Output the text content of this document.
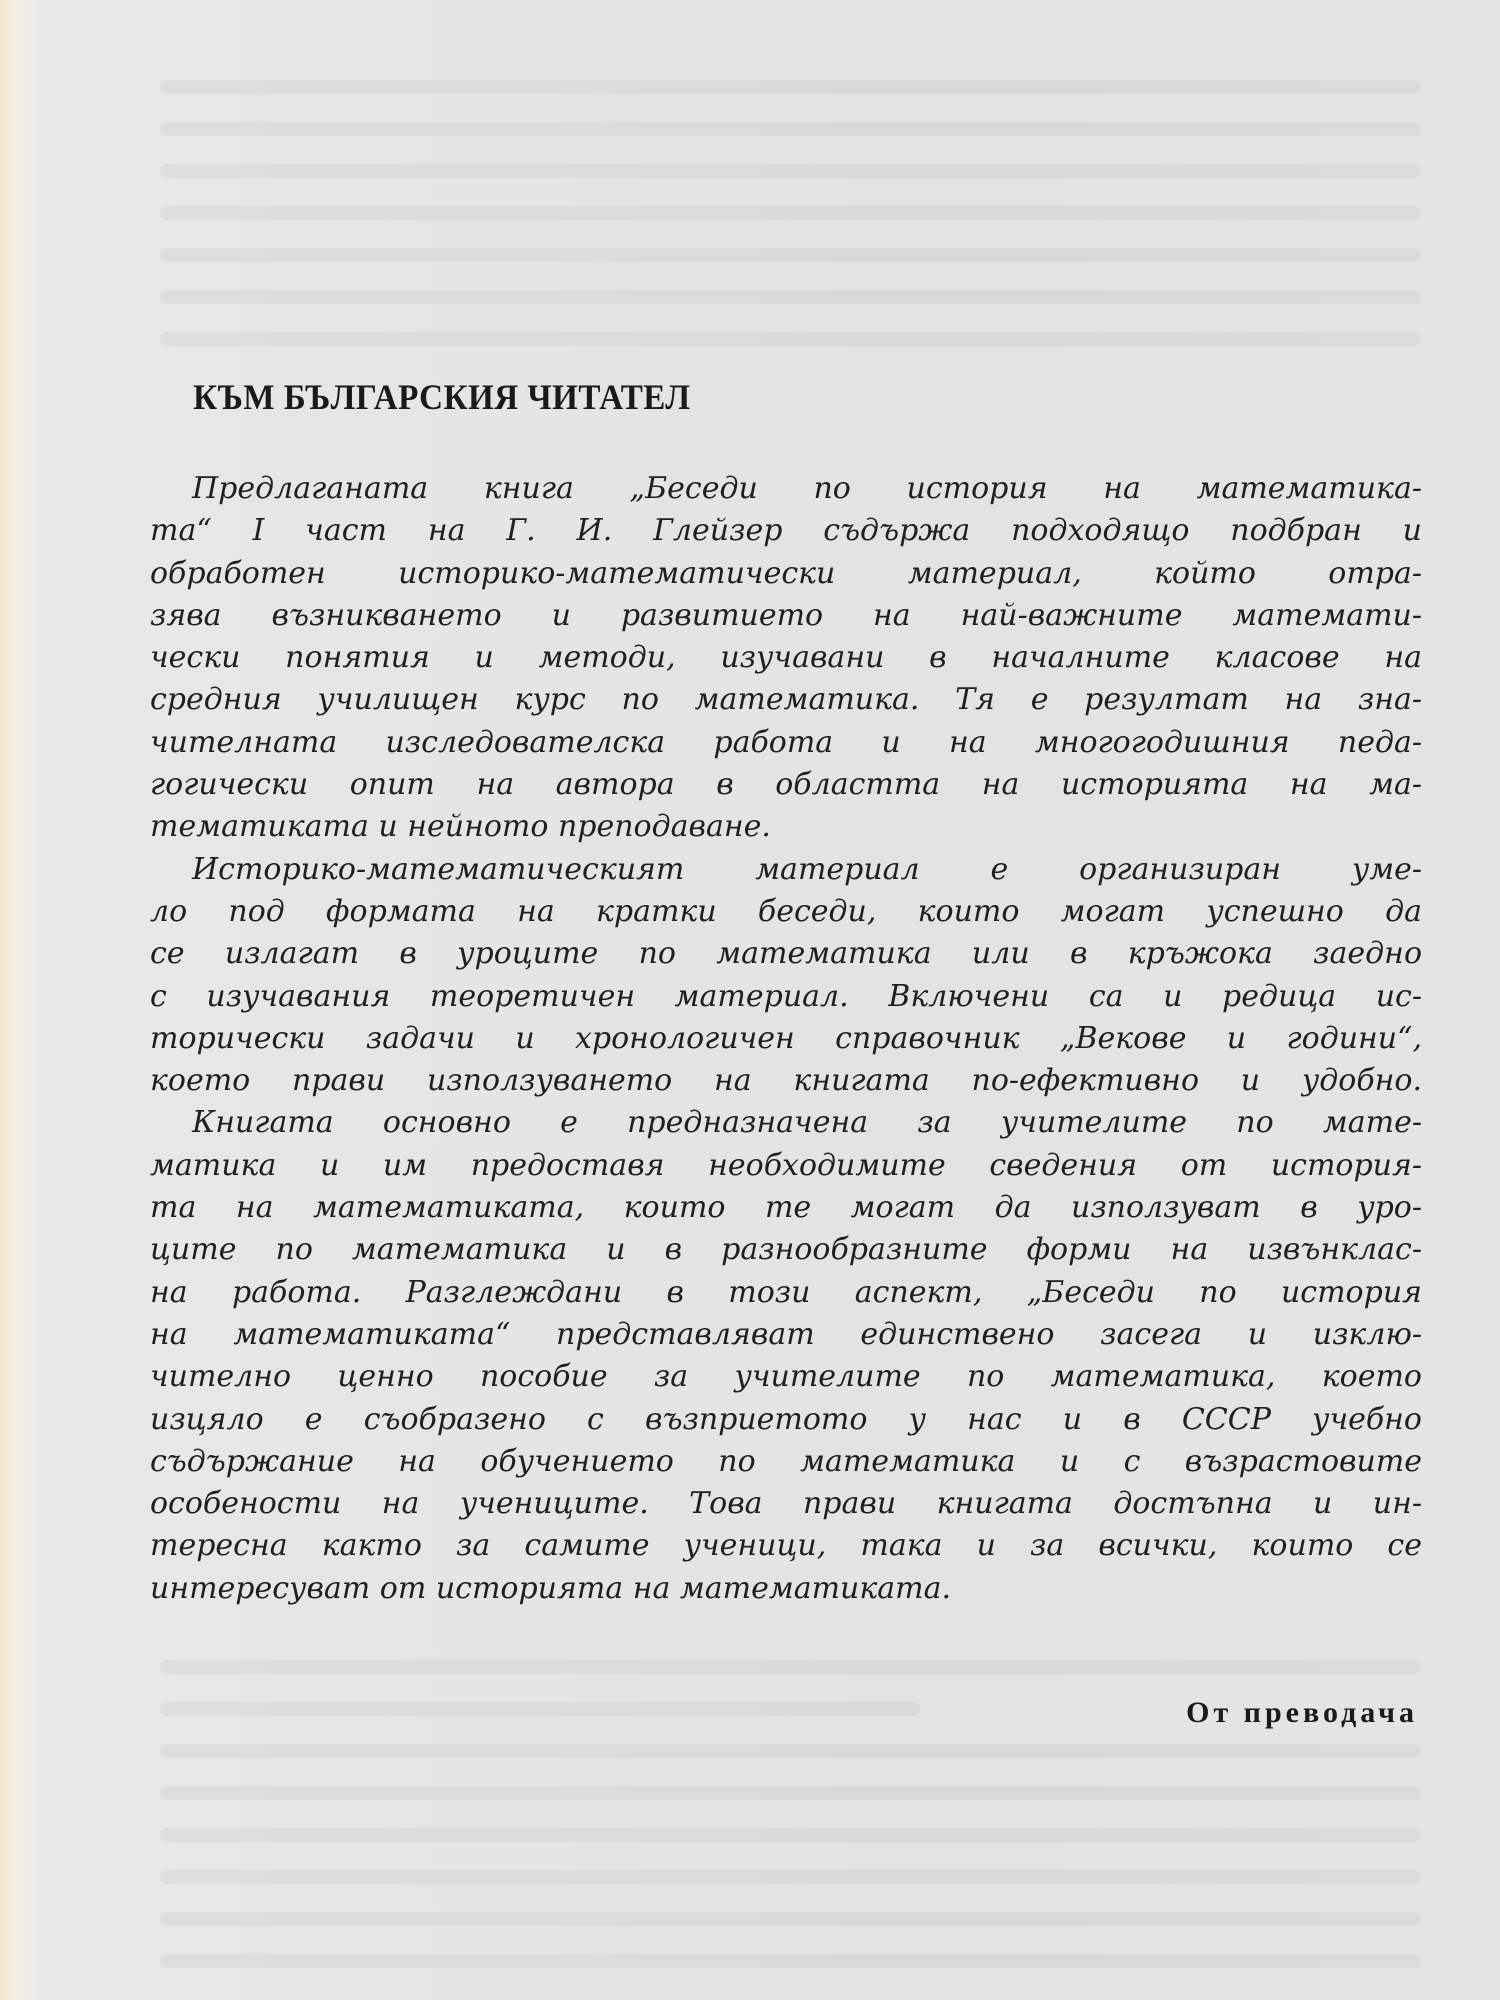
КЪМ БЪЛГАРСКИЯ ЧИТАТЕЛ
Предлаганата книга „Беседи по история на математика-
та“ I част на Г. И. Глейзер съдържа подходящо подбран и
обработен историко-математически материал, който отра-
зява възникването и развитието на най-важните математи-
чески понятия и методи, изучавани в началните класове на
средния училищен курс по математика. Тя е резултат на зна-
чителната изследователска работа и на многогодишния педа-
гогически опит на автора в областта на историята на ма-
тематиката и нейното преподаване.
Историко-математическият материал е организиран уме-
ло под формата на кратки беседи, които могат успешно да
се излагат в уроците по математика или в кръжока заедно
с изучавания теоретичен материал. Включени са и редица ис-
торически задачи и хронологичен справочник „Векове и години“,
което прави използуването на книгата по-ефективно и удобно.
Книгата основно е предназначена за учителите по мате-
матика и им предоставя необходимите сведения от история-
та на математиката, които те могат да използуват в уро-
ците по математика и в разнообразните форми на извънклас-
на работа. Разглеждани в този аспект, „Беседи по история
на математиката“ представляват единствено засега и изклю-
чително ценно пособие за учителите по математика, което
изцяло е съобразено с възприетото у нас и в СССР учебно
съдържание на обучението по математика и с възрастовите
особености на учениците. Това прави книгата достъпна и ин-
тересна както за самите ученици, така и за всички, които се
интересуват от историята на математиката.
От преводача
